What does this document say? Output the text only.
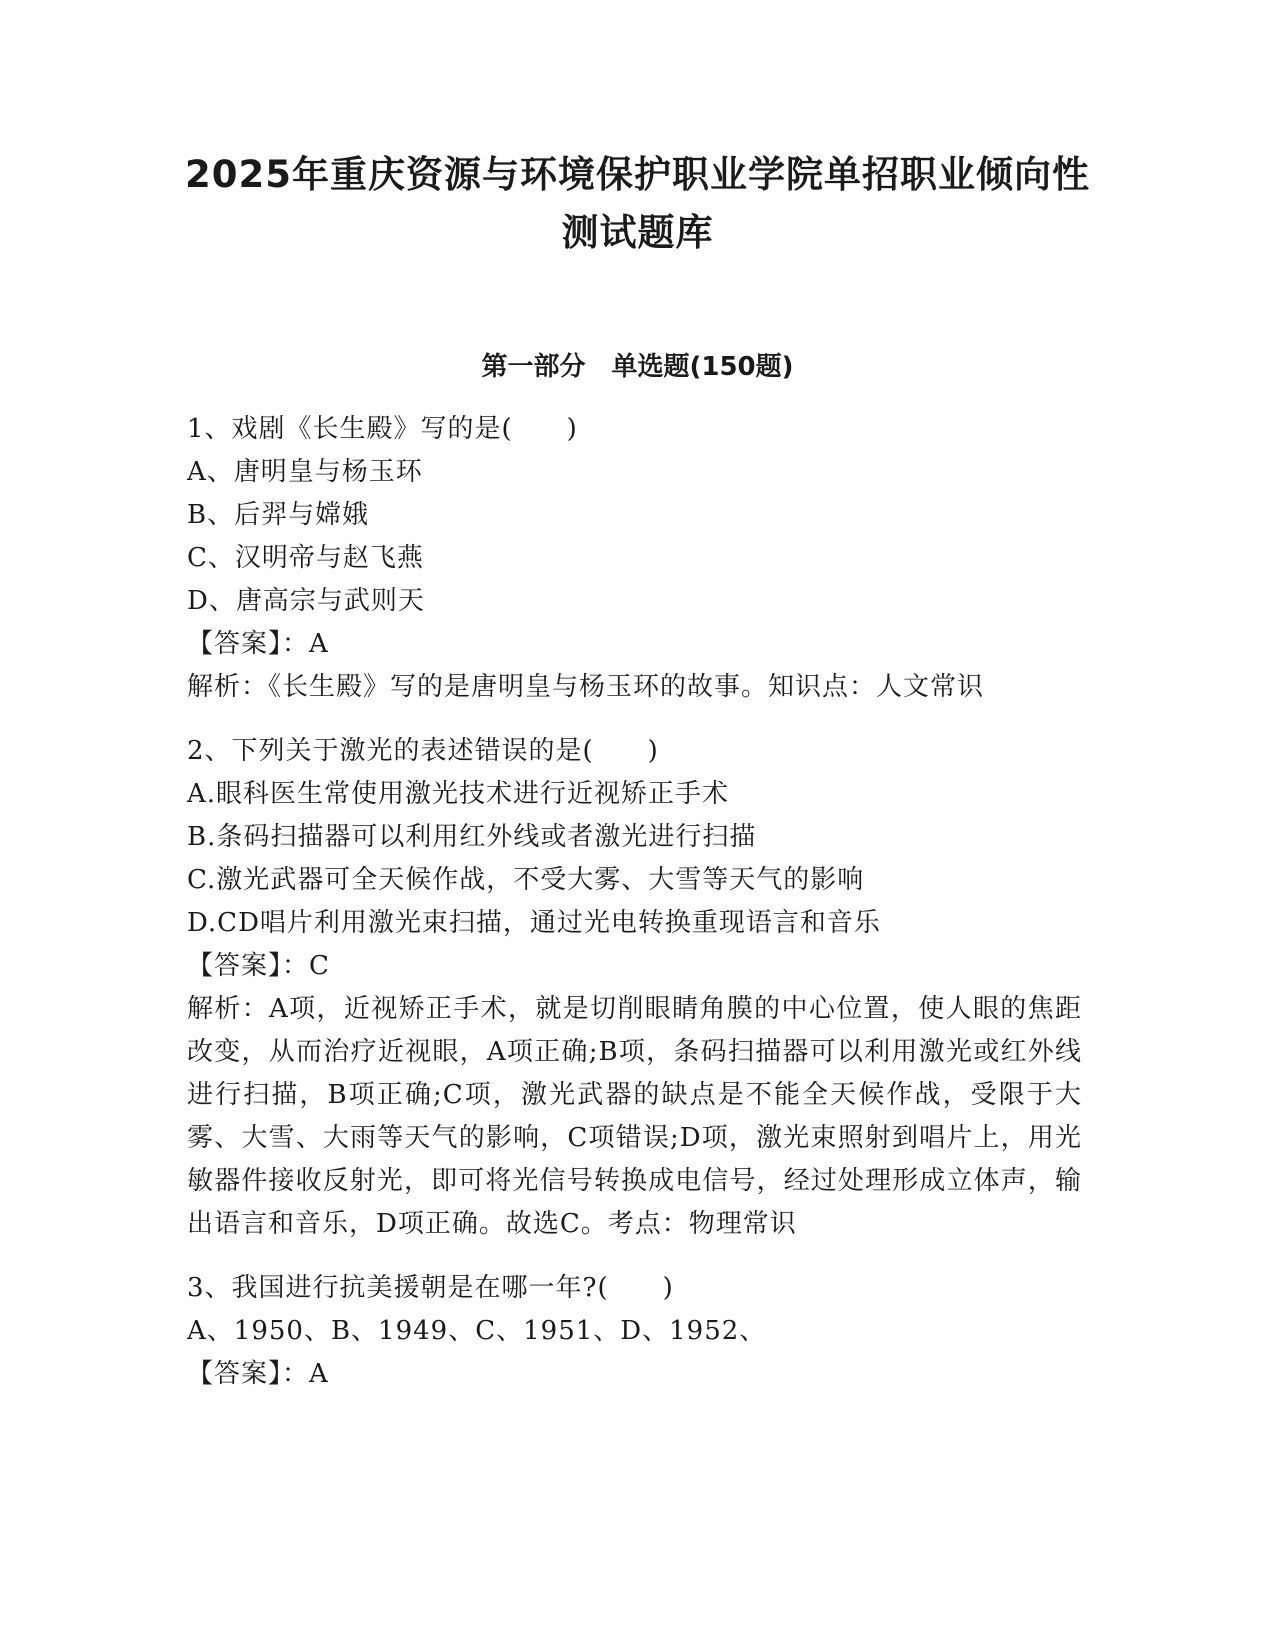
2025年重庆资源与环境保护职业学院单招职业倾向性
测试题库
第一部分　单选题(150题)
1、戏剧《长生殿》写的是(　　)
A、唐明皇与杨玉环
B、后羿与嫦娥
C、汉明帝与赵飞燕
D、唐高宗与武则天
【答案】：A
解析：《长生殿》写的是唐明皇与杨玉环的故事。知识点：人文常识
2、下列关于激光的表述错误的是(　　)
A.眼科医生常使用激光技术进行近视矫正手术
B.条码扫描器可以利用红外线或者激光进行扫描
C.激光武器可全天候作战，不受大雾、大雪等天气的影响
D.CD唱片利用激光束扫描，通过光电转换重现语言和音乐
【答案】：C
解析：A项，近视矫正手术，就是切削眼睛角膜的中心位置，使人眼的焦距改变，从而治疗近视眼，A项正确;B项，条码扫描器可以利用激光或红外线进行扫描，B项正确;C项，激光武器的缺点是不能全天候作战，受限于大雾、大雪、大雨等天气的影响，C项错误;D项，激光束照射到唱片上，用光敏器件接收反射光，即可将光信号转换成电信号，经过处理形成立体声，输出语言和音乐，D项正确。故选C。考点：物理常识
3、我国进行抗美援朝是在哪一年?(　　)
A、1950、B、1949、C、1951、D、1952、
【答案】：A
